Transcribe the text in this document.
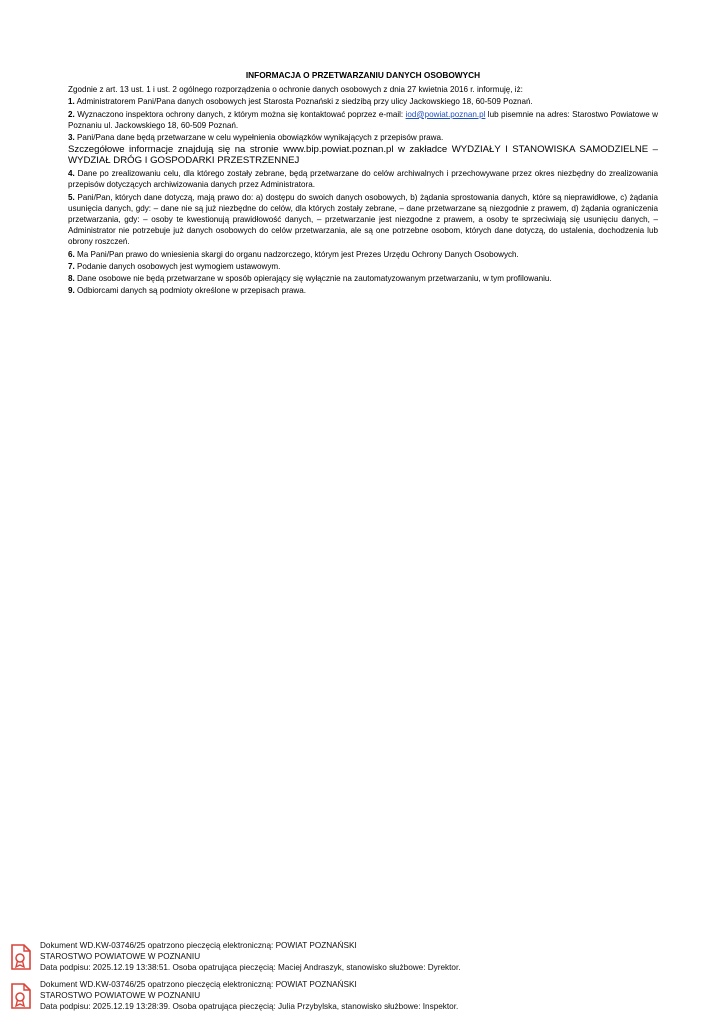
INFORMACJA O PRZETWARZANIU DANYCH OSOBOWYCH
Zgodnie z art. 13 ust. 1 i ust. 2 ogólnego rozporządzenia o ochronie danych osobowych z dnia 27 kwietnia 2016 r. informuję, iż:
1. Administratorem Pani/Pana danych osobowych jest Starosta Poznański z siedzibą przy ulicy Jackowskiego 18, 60-509 Poznań.
2. Wyznaczono inspektora ochrony danych, z którym można się kontaktować poprzez e-mail: iod@powiat.poznan.pl lub pisemnie na adres: Starostwo Powiatowe w Poznaniu ul. Jackowskiego 18, 60-509 Poznań.
3. Pani/Pana dane będą przetwarzane w celu wypełnienia obowiązków wynikających z przepisów prawa.
Szczegółowe informacje znajdują się na stronie www.bip.powiat.poznan.pl w zakładce WYDZIAŁY I STANOWISKA SAMODZIELNE – WYDZIAŁ DRÓG I GOSPODARKI PRZESTRZENNEJ
4. Dane po zrealizowaniu celu, dla którego zostały zebrane, będą przetwarzane do celów archiwalnych i przechowywane przez okres niezbędny do zrealizowania przepisów dotyczących archiwizowania danych przez Administratora.
5. Pani/Pan, których dane dotyczą, mają prawo do: a) dostępu do swoich danych osobowych, b) żądania sprostowania danych, które są nieprawidłowe, c) żądania usunięcia danych, gdy: – dane nie są już niezbędne do celów, dla których zostały zebrane, – dane przetwarzane są niezgodnie z prawem, d) żądania ograniczenia przetwarzania, gdy: – osoby te kwestionują prawidłowość danych, – przetwarzanie jest niezgodne z prawem, a osoby te sprzeciwiają się usunięciu danych, – Administrator nie potrzebuje już danych osobowych do celów przetwarzania, ale są one potrzebne osobom, których dane dotyczą, do ustalenia, dochodzenia lub obrony roszczeń.
6. Ma Pani/Pan prawo do wniesienia skargi do organu nadzorczego, którym jest Prezes Urzędu Ochrony Danych Osobowych.
7. Podanie danych osobowych jest wymogiem ustawowym.
8. Dane osobowe nie będą przetwarzane w sposób opierający się wyłącznie na zautomatyzowanym przetwarzaniu, w tym profilowaniu.
9. Odbiorcami danych są podmioty określone w przepisach prawa.
Dokument WD.KW-03746/25 opatrzono pieczęcią elektroniczną: POWIAT POZNAŃSKI
STAROSTWO POWIATOWE W POZNANIU
Data podpisu: 2025.12.19 13:38:51. Osoba opatrująca pieczęcią: Maciej Andraszyk, stanowisko służbowe: Dyrektor.
Dokument WD.KW-03746/25 opatrzono pieczęcią elektroniczną: POWIAT POZNAŃSKI
STAROSTWO POWIATOWE W POZNANIU
Data podpisu: 2025.12.19 13:28:39. Osoba opatrująca pieczęcią: Julia Przybylska, stanowisko służbowe: Inspektor.
